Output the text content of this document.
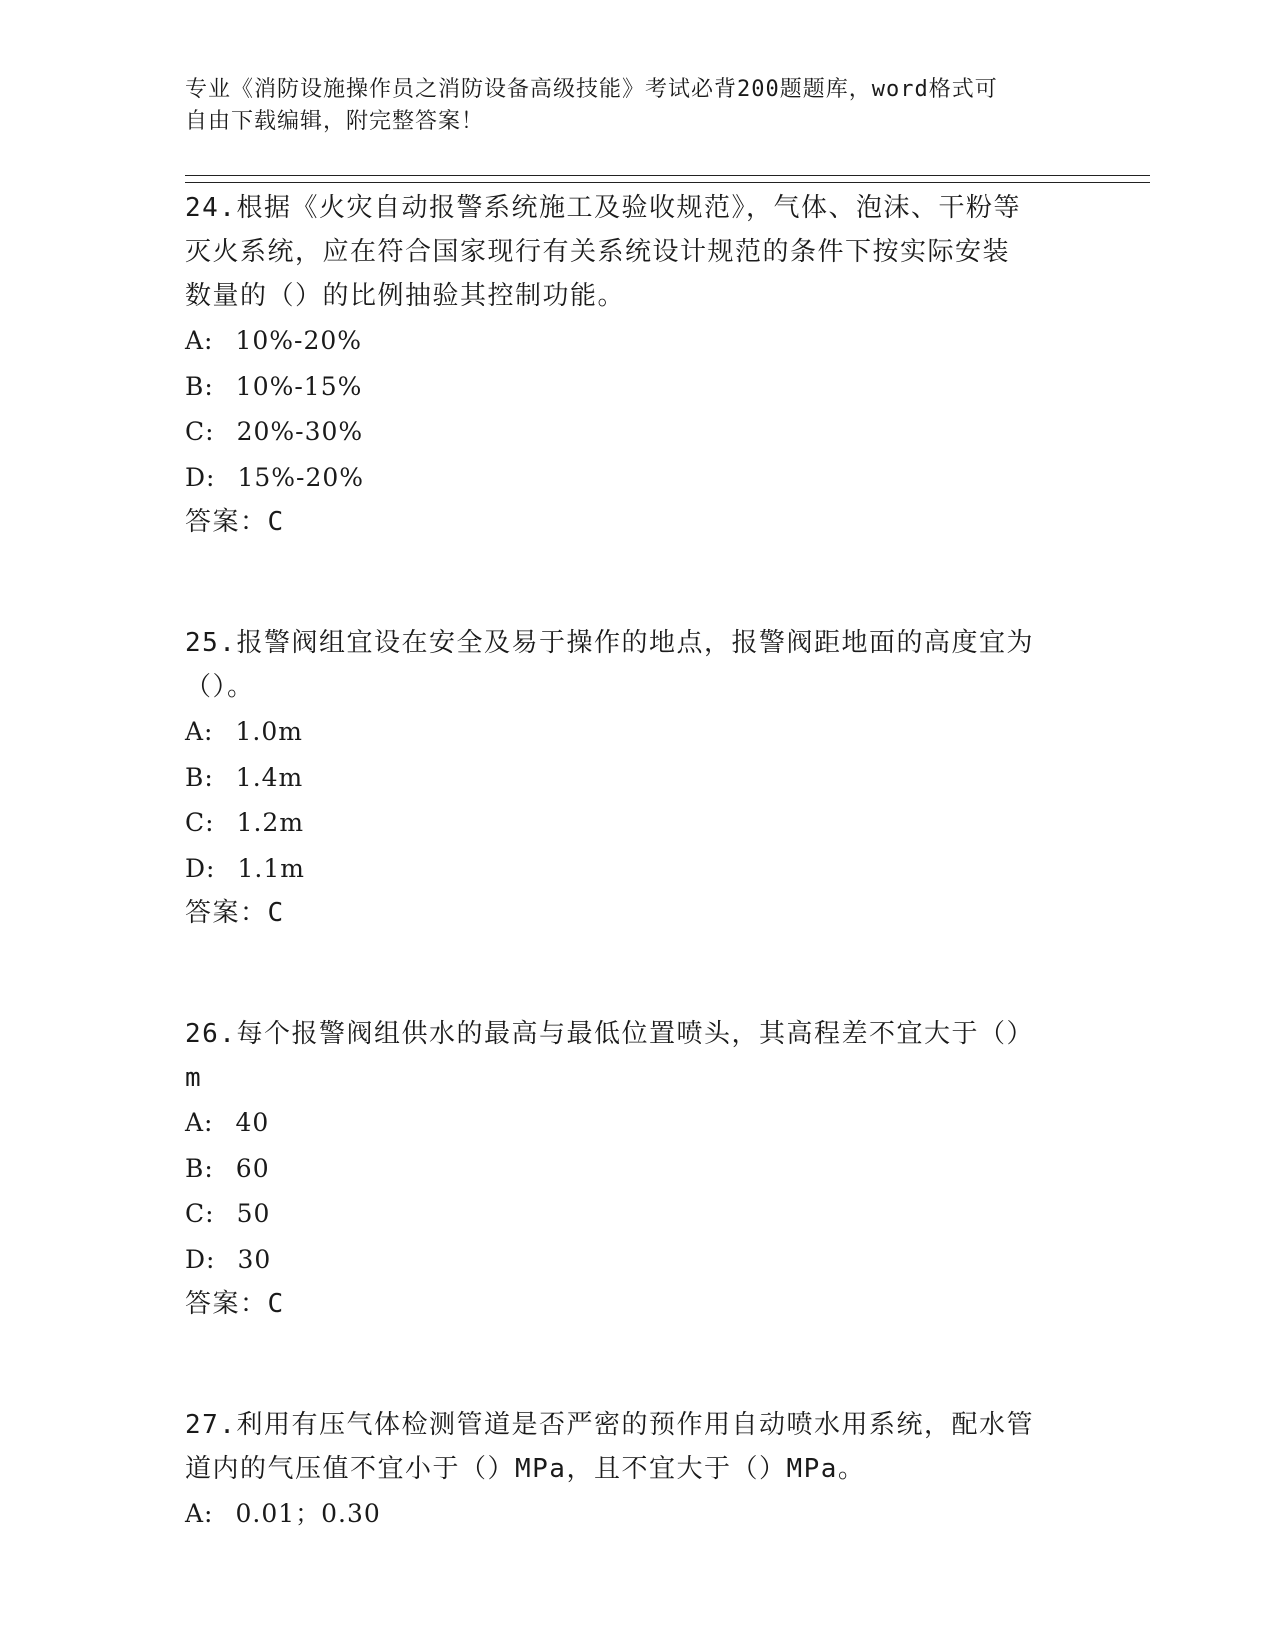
专业《消防设施操作员之消防设备高级技能》考试必背200题题库，word格式可
自由下载编辑，附完整答案！
24.根据《火灾自动报警系统施工及验收规范》，气体、泡沫、干粉等
灭火系统，应在符合国家现行有关系统设计规范的条件下按实际安装
数量的（）的比例抽验其控制功能。
A: 10%-20%
B: 10%-15%
C: 20%-30%
D: 15%-20%
答案：C
25.报警阀组宜设在安全及易于操作的地点，报警阀距地面的高度宜为
（）。
A: 1.0m
B: 1.4m
C: 1.2m
D: 1.1m
答案：C
26.每个报警阀组供水的最高与最低位置喷头，其高程差不宜大于（）
m
A: 40
B: 60
C: 50
D: 30
答案：C
27.利用有压气体检测管道是否严密的预作用自动喷水用系统，配水管
道内的气压值不宜小于（）MPa，且不宜大于（）MPa。
A: 0.01；0.30
